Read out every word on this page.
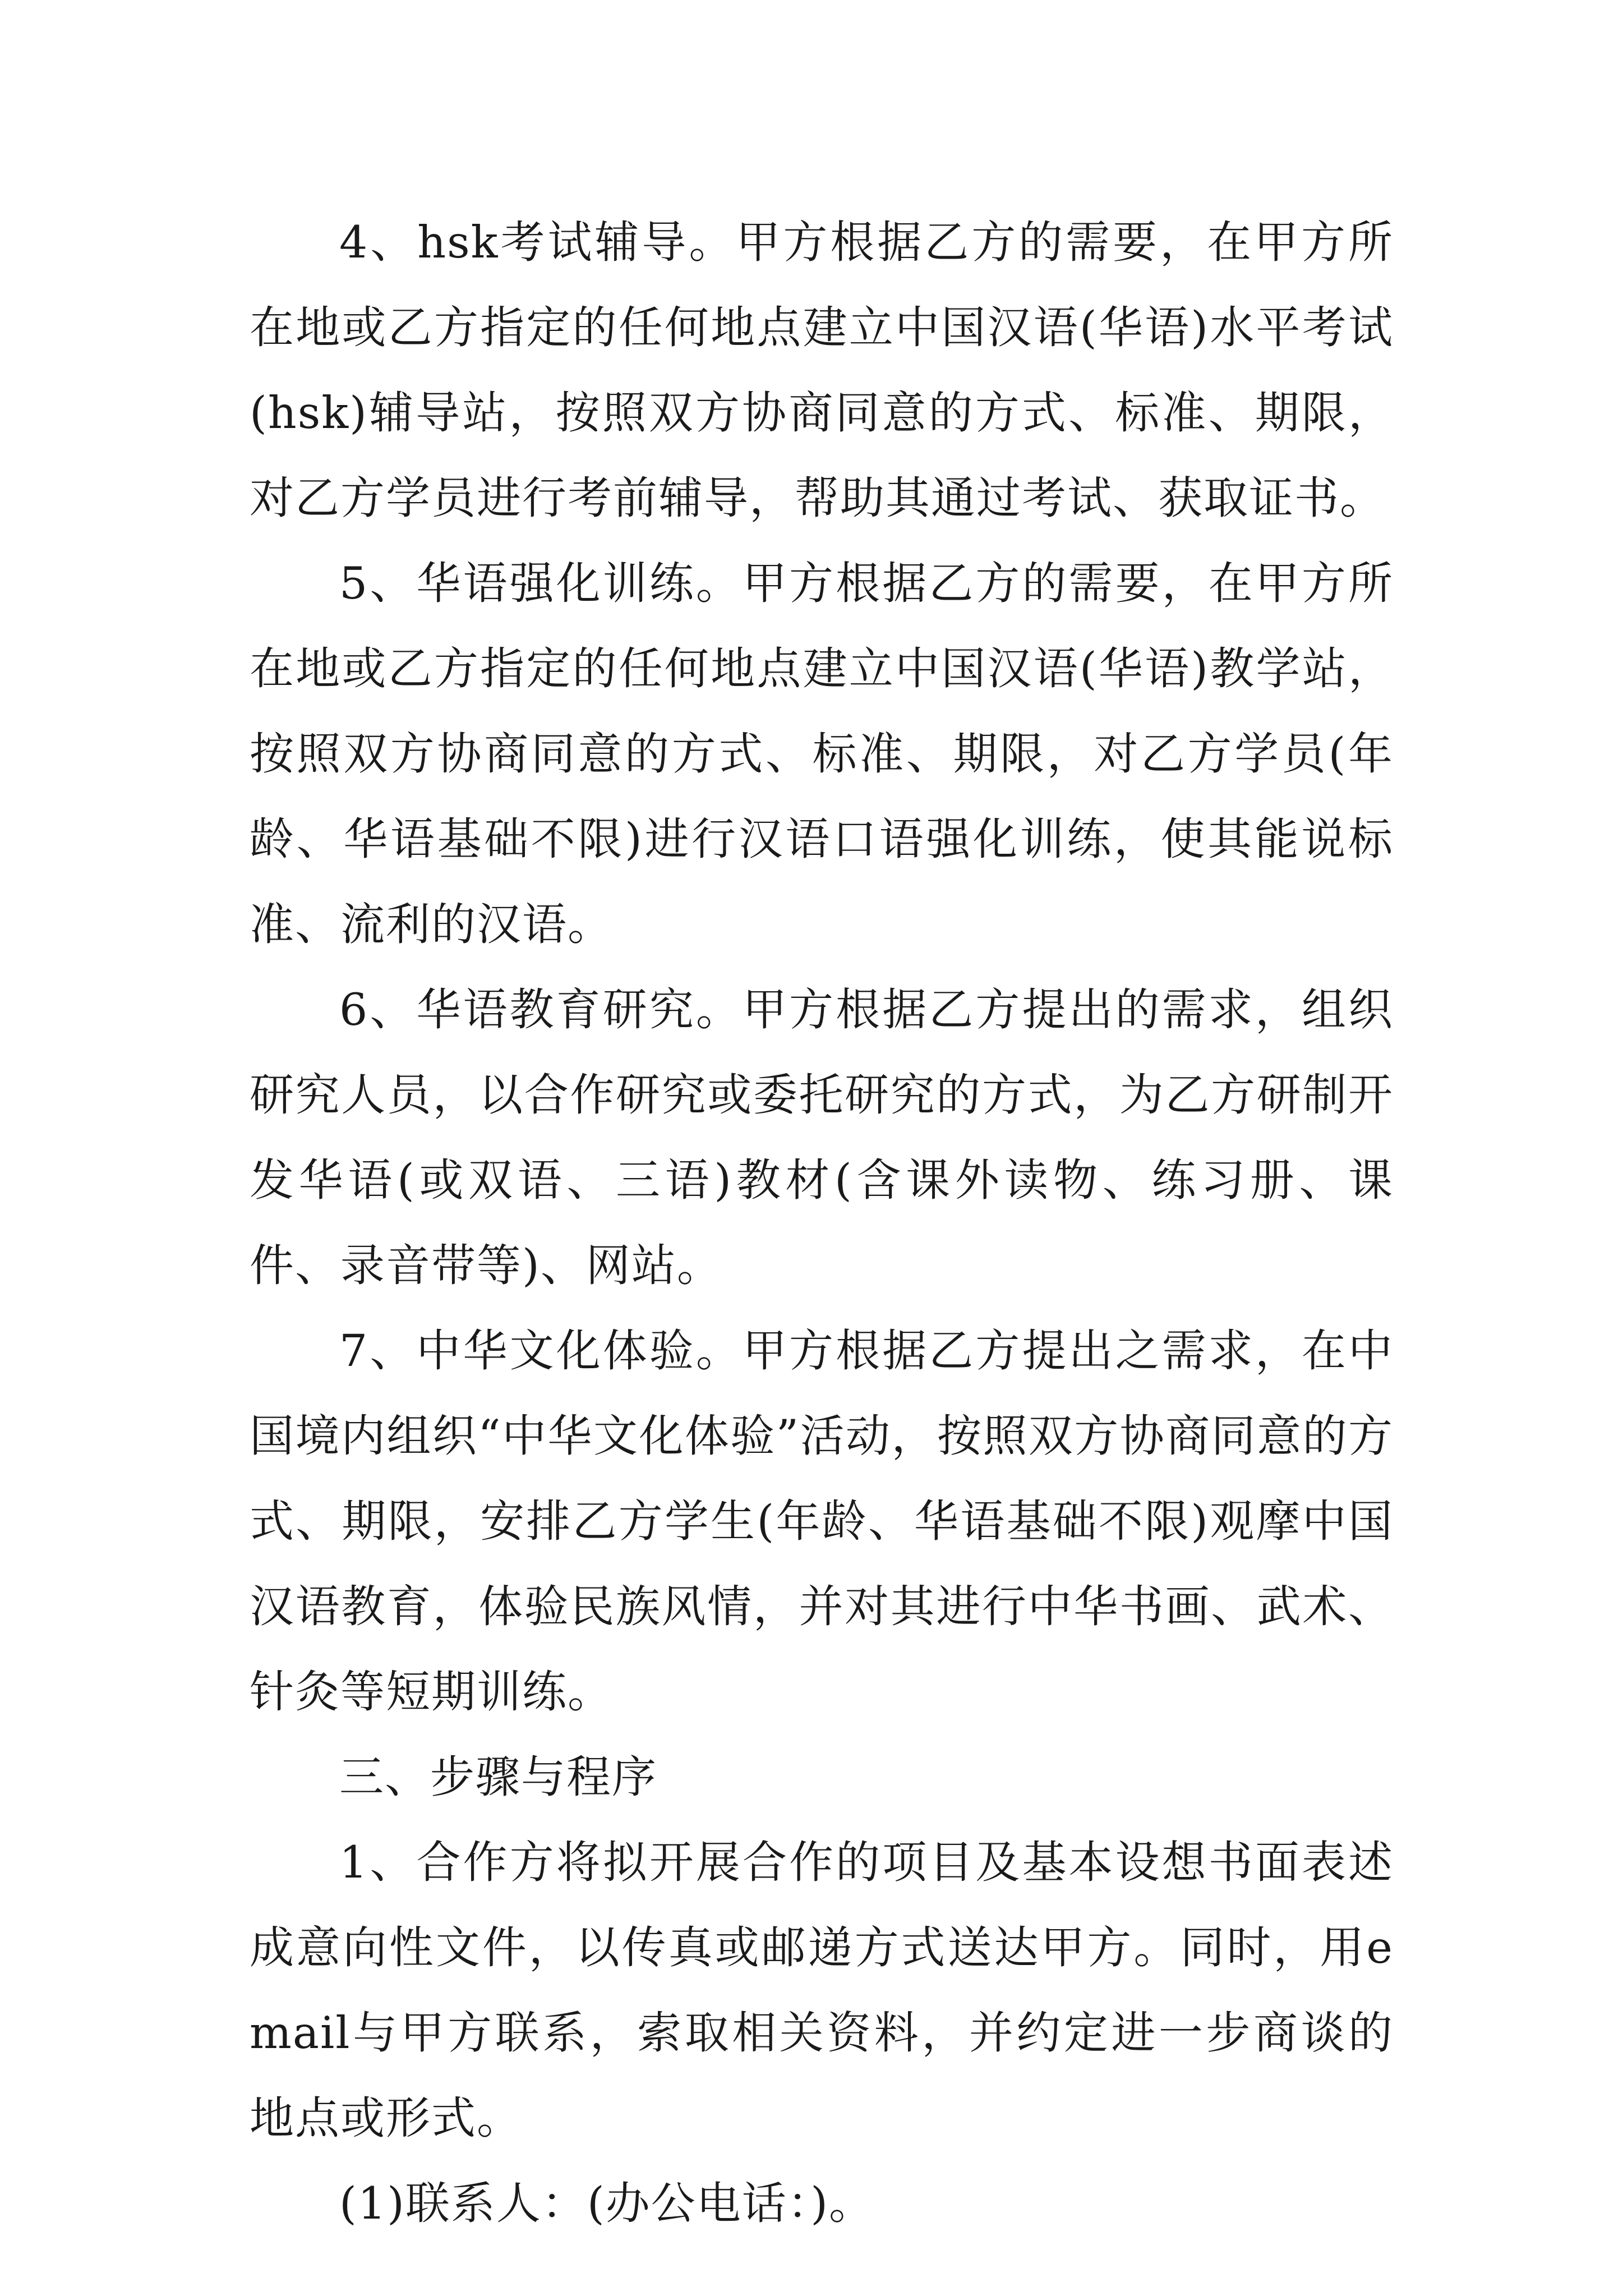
4、hsk考试辅导。甲方根据乙方的需要，在甲方所在地或乙方指定的任何地点建立中国汉语(华语)水平考试(hsk)辅导站，按照双方协商同意的方式、标准、期限，对乙方学员进行考前辅导，帮助其通过考试、获取证书。

5、华语强化训练。甲方根据乙方的需要，在甲方所在地或乙方指定的任何地点建立中国汉语(华语)教学站，按照双方协商同意的方式、标准、期限，对乙方学员(年龄、华语基础不限)进行汉语口语强化训练，使其能说标准、流利的汉语。

6、华语教育研究。甲方根据乙方提出的需求，组织研究人员，以合作研究或委托研究的方式，为乙方研制开发华语(或双语、三语)教材(含课外读物、练习册、课件、录音带等)、网站。

7、中华文化体验。甲方根据乙方提出之需求，在中国境内组织“中华文化体验”活动，按照双方协商同意的方式、期限，安排乙方学生(年龄、华语基础不限)观摩中国汉语教育，体验民族风情，并对其进行中华书画、武术、针灸等短期训练。

三、步骤与程序

1、合作方将拟开展合作的项目及基本设想书面表述成意向性文件，以传真或邮递方式送达甲方。同时，用email与甲方联系，索取相关资料，并约定进一步商谈的地点或形式。

(1)联系人：(办公电话：)。
